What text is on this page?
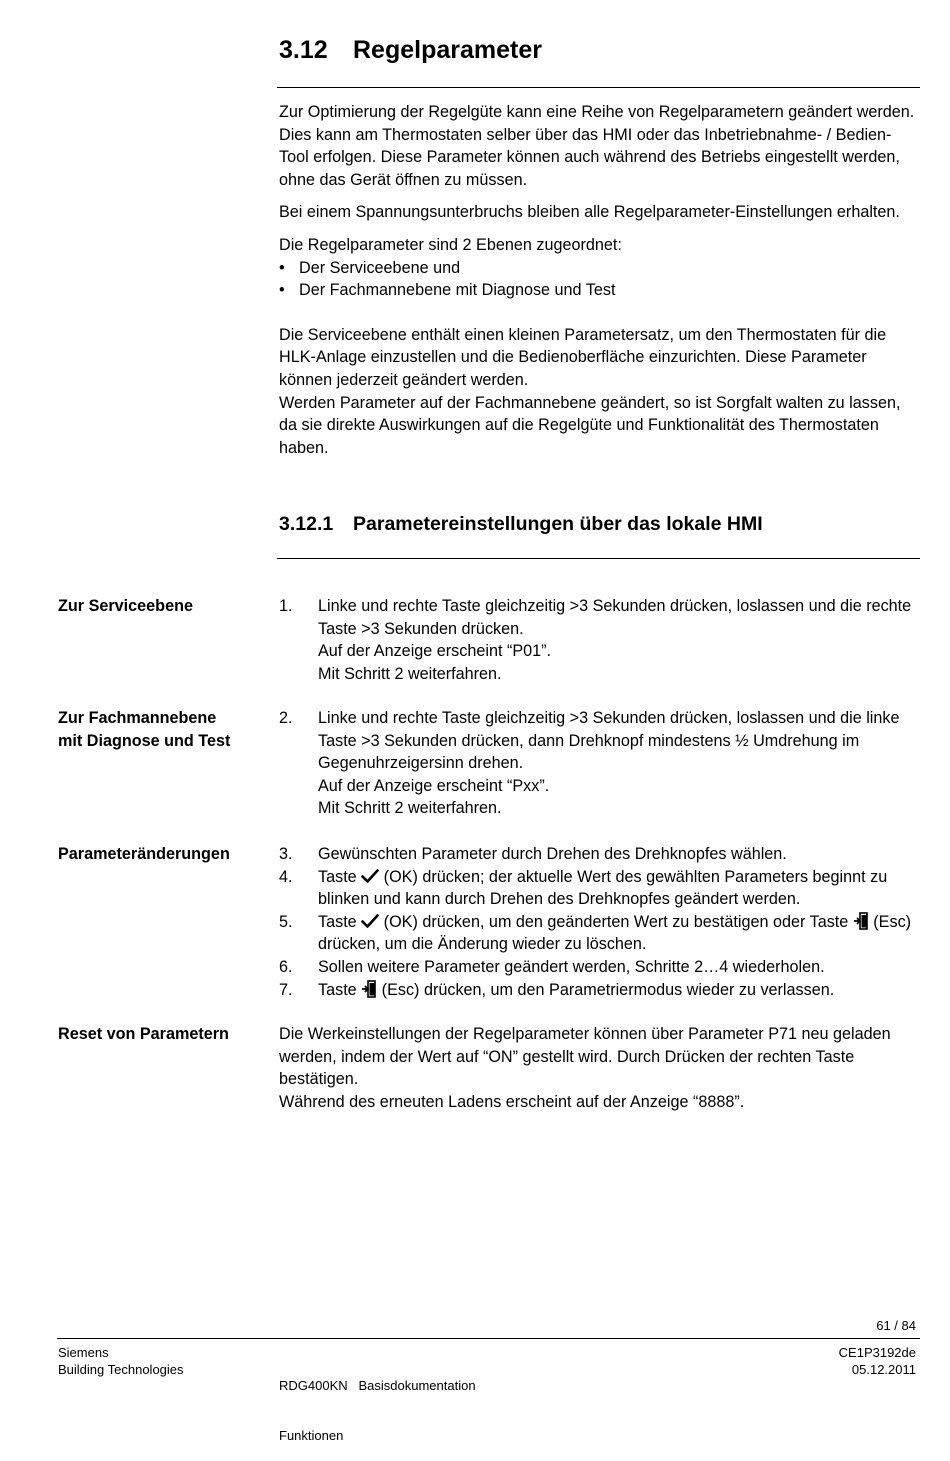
3.12 Regelparameter

Zur Optimierung der Regelgüte kann eine Reihe von Regelparametern geändert werden. Dies kann am Thermostaten selber über das HMI oder das Inbetriebnahme- / Bedien-Tool erfolgen. Diese Parameter können auch während des Betriebs eingestellt werden, ohne das Gerät öffnen zu müssen.

Bei einem Spannungsunterbruchs bleiben alle Regelparameter-Einstellungen erhalten.

Die Regelparameter sind 2 Ebenen zugeordnet:

• Der Serviceebene und
• Der Fachmannebene mit Diagnose und Test

Die Serviceebene enthält einen kleinen Parametersatz, um den Thermostaten für die HLK-Anlage einzustellen und die Bedienoberfläche einzurichten. Diese Parameter können jederzeit geändert werden.

Werden Parameter auf der Fachmannebene geändert, so ist Sorgfalt walten zu lassen, da sie direkte Auswirkungen auf die Regelgüte und Funktionalität des Thermostaten haben.

3.12.1 Parametereinstellungen über das lokale HMI
Zur Serviceebene
Zur Fachmannebene
mit Diagnose und Test
Parameteränderungen
Reset von Parametern
1. Linke und rechte Taste gleichzeitig >3 Sekunden drücken, loslassen und die rechte Taste >3 Sekunden drücken.
Auf der Anzeige erscheint “P01”.
Mit Schritt 2 weiterfahren.
2. Linke und rechte Taste gleichzeitig >3 Sekunden drücken, loslassen und die linke Taste >3 Sekunden drücken, dann Drehknopf mindestens ½ Umdrehung im Gegenuhrzeigersinn drehen.
Auf der Anzeige erscheint “Pxx”.
Mit Schritt 2 weiterfahren.
3. Gewünschten Parameter durch Drehen des Drehknopfes wählen.
4. Taste  (OK) drücken; der aktuelle Wert des gewählten Parameters beginnt zu blinken und kann durch Drehen des Drehknopfes geändert werden.
5. Taste  (OK) drücken, um den geänderten Wert zu bestätigen oder Taste  (Esc) drücken, um die Änderung wieder zu löschen.
6. Sollen weitere Parameter geändert werden, Schritte 2…4 wiederholen.
7. Taste  (Esc) drücken, um den Parametriermodus wieder zu verlassen.

Die Werkeinstellungen der Regelparameter können über Parameter P71 neu geladen werden, indem der Wert auf “ON” gestellt wird. Durch Drücken der rechten Taste bestätigen.

Während des erneuten Ladens erscheint auf der Anzeige “8888”.

61 / 84
Siemens
Building Technologies

RDG400KN   Basisdokumentation

Funktionen

CE1P3192de
05.12.2011
